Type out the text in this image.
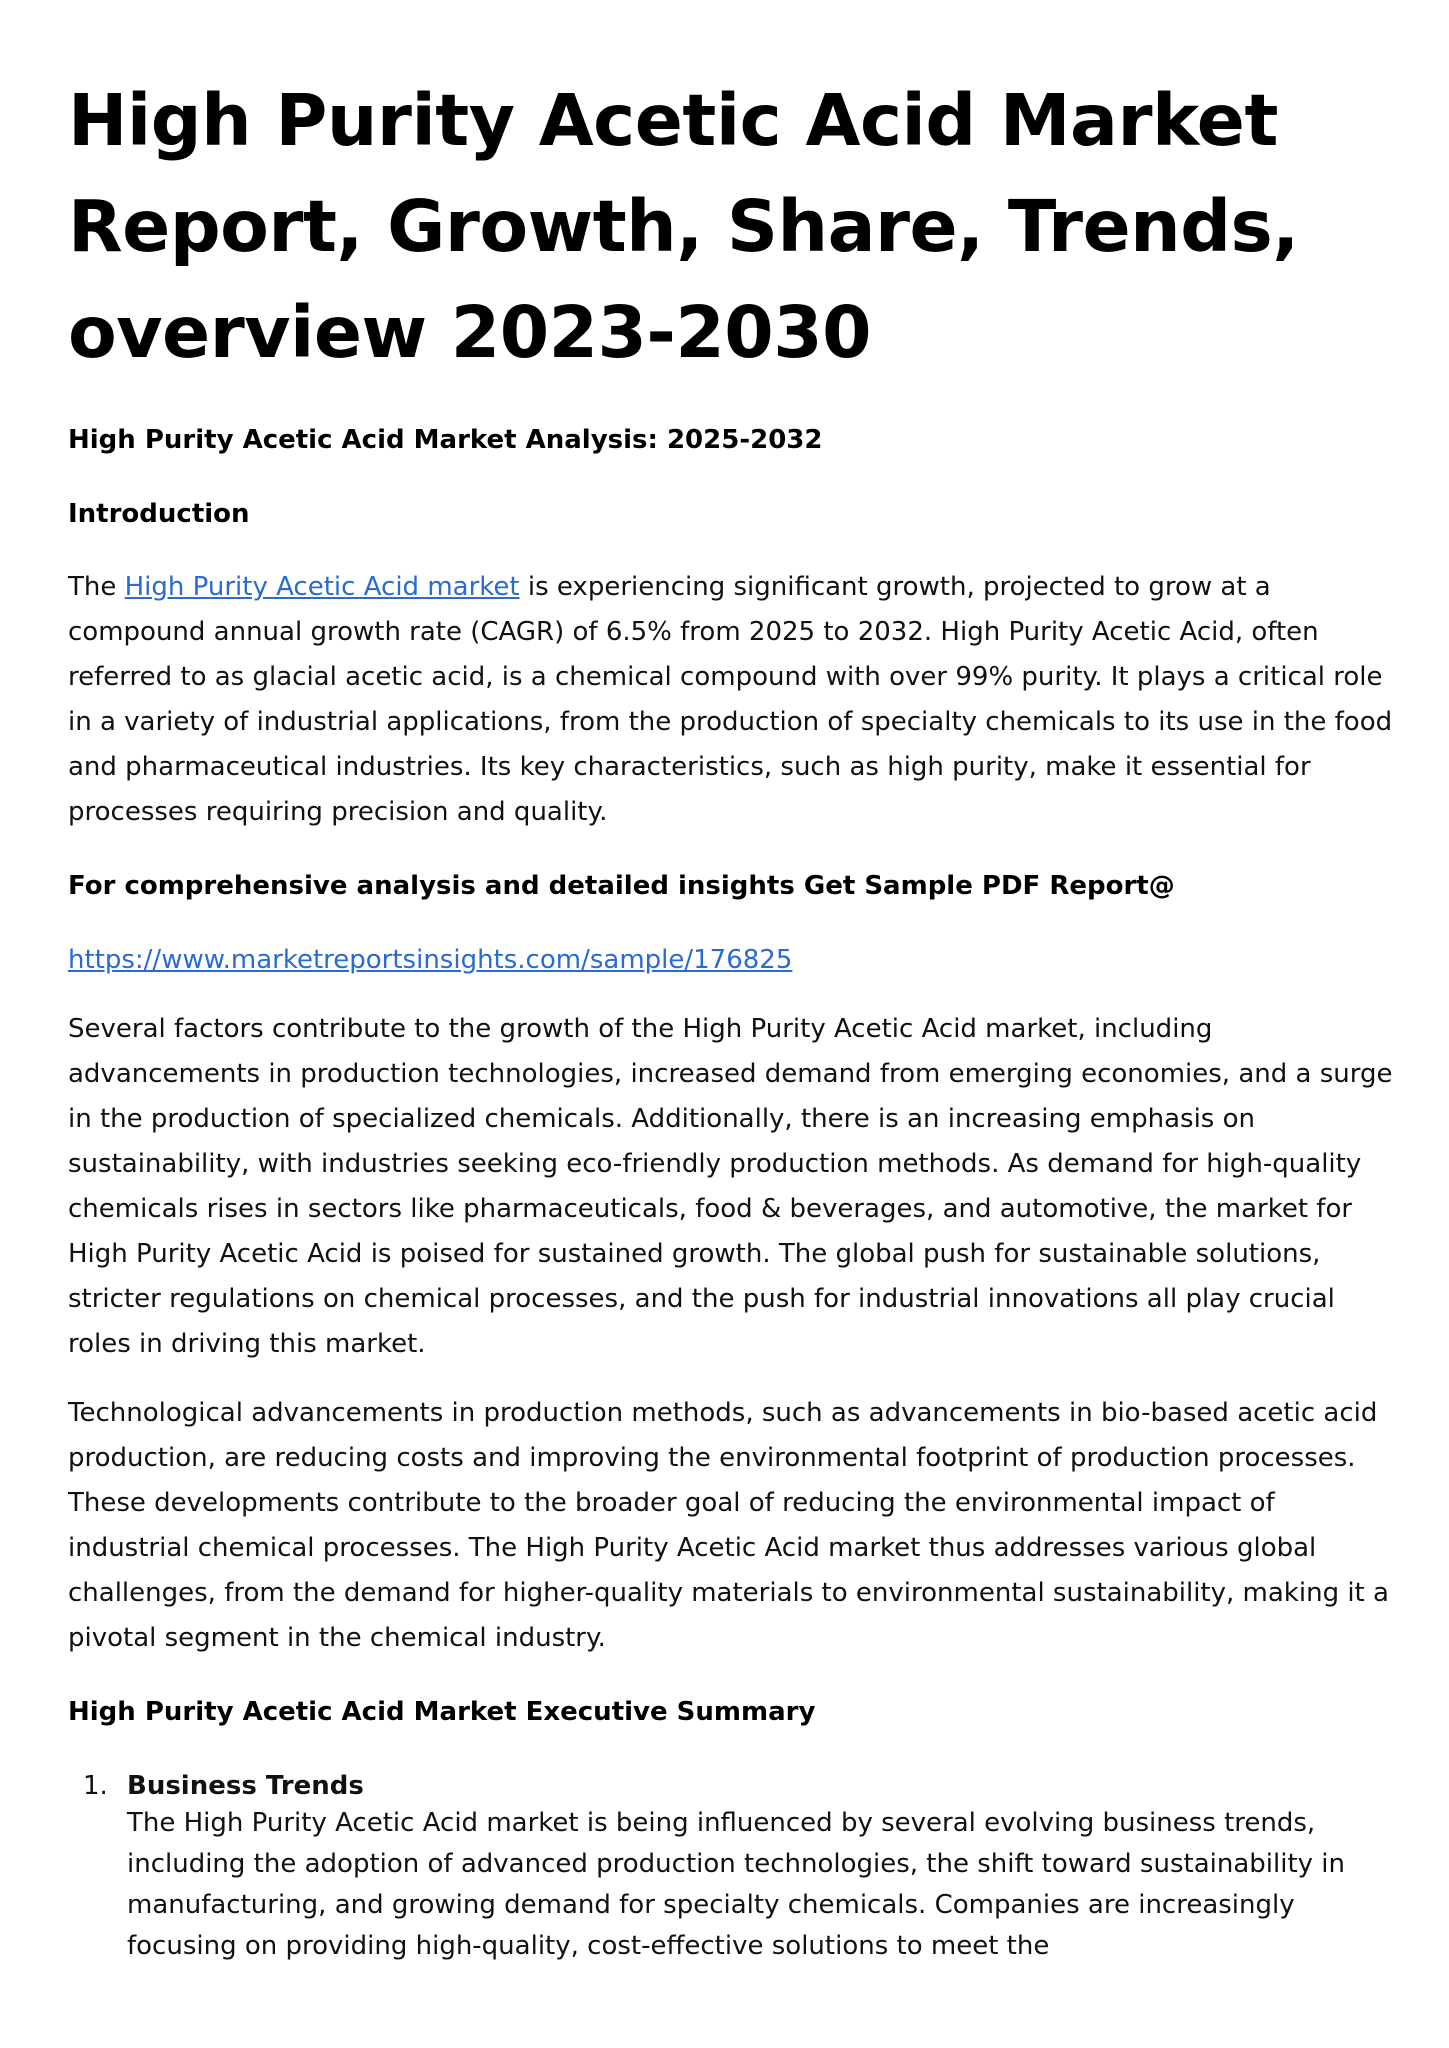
High Purity Acetic Acid Market Report, Growth, Share, Trends, overview 2023-2030
High Purity Acetic Acid Market Analysis: 2025-2032
Introduction

The High Purity Acetic Acid market is experiencing significant growth, projected to grow at a compound annual growth rate (CAGR) of 6.5% from 2025 to 2032. High Purity Acetic Acid, often referred to as glacial acetic acid, is a chemical compound with over 99% purity. It plays a critical role in a variety of industrial applications, from the production of specialty chemicals to its use in the food and pharmaceutical industries. Its key characteristics, such as high purity, make it essential for processes requiring precision and quality.

For comprehensive analysis and detailed insights Get Sample PDF Report@
https://www.marketreportsinsights.com/sample/176825

Several factors contribute to the growth of the High Purity Acetic Acid market, including advancements in production technologies, increased demand from emerging economies, and a surge in the production of specialized chemicals. Additionally, there is an increasing emphasis on sustainability, with industries seeking eco-friendly production methods. As demand for high-quality chemicals rises in sectors like pharmaceuticals, food & beverages, and automotive, the market for High Purity Acetic Acid is poised for sustained growth. The global push for sustainable solutions, stricter regulations on chemical processes, and the push for industrial innovations all play crucial roles in driving this market.

Technological advancements in production methods, such as advancements in bio-based acetic acid production, are reducing costs and improving the environmental footprint of production processes. These developments contribute to the broader goal of reducing the environmental impact of industrial chemical processes. The High Purity Acetic Acid market thus addresses various global challenges, from the demand for higher-quality materials to environmental sustainability, making it a pivotal segment in the chemical industry.

High Purity Acetic Acid Market Executive Summary
1. Business Trends
The High Purity Acetic Acid market is being influenced by several evolving business trends, including the adoption of advanced production technologies, the shift toward sustainability in manufacturing, and growing demand for specialty chemicals. Companies are increasingly focusing on providing high-quality, cost-effective solutions to meet the
